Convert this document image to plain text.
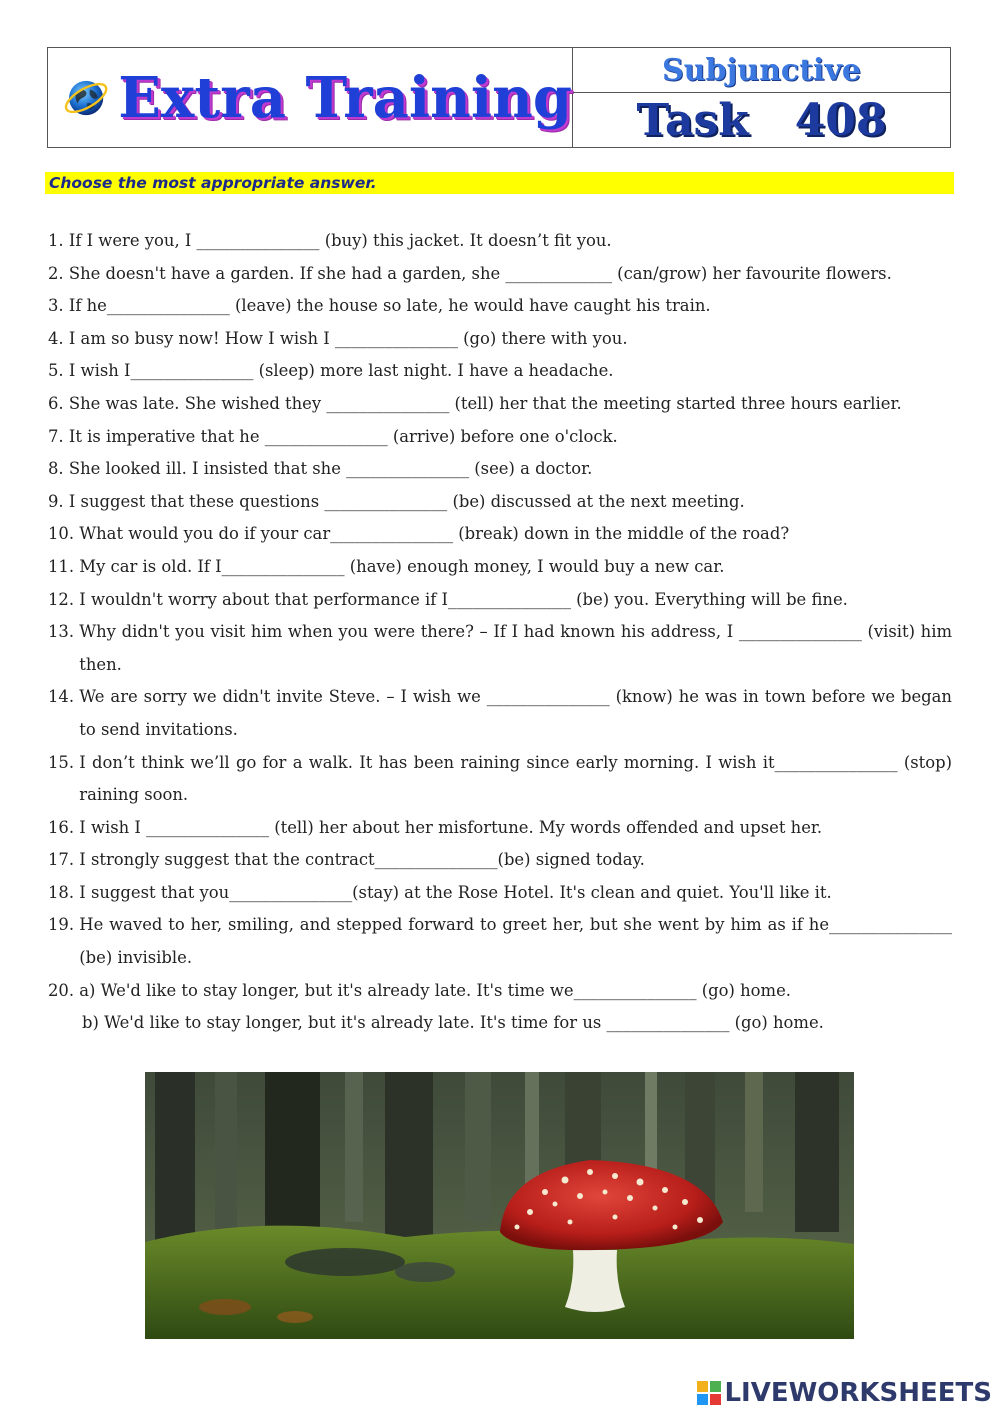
Extra Training	Subjunctive
Task   408
Choose the most appropriate answer.
1. If I were you, I _______________ (buy) this jacket. It doesn’t fit you.
2. She doesn't have a garden. If she had a garden, she _____________ (can/grow) her favourite flowers.
3. If he_______________ (leave) the house so late, he would have caught his train.
4. I am so busy now! How I wish I _______________ (go) there with you.
5. I wish I_______________ (sleep) more last night. I have a headache.
6. She was late. She wished they _______________ (tell) her that the meeting started three hours earlier.
7. It is imperative that he _______________ (arrive) before one o'clock.
8. She looked ill. I insisted that she _______________ (see) a doctor.
9. I suggest that these questions _______________ (be) discussed at the next meeting.
10. What would you do if your car_______________ (break) down in the middle of the road?
11. My car is old. If I_______________ (have) enough money, I would buy a new car.
12. I wouldn't worry about that performance if I_______________ (be) you. Everything will be fine.
13. Why didn't you visit him when you were there? – If I had known his address, I _______________ (visit) him then.
14. We are sorry we didn't invite Steve. – I wish we _______________ (know) he was in town before we began to send invitations.
15. I don’t think we’ll go for a walk. It has been raining since early morning. I wish it_______________ (stop) raining soon.
16. I wish I _______________ (tell) her about her misfortune. My words offended and upset her.
17. I strongly suggest that the contract_______________(be) signed today.
18. I suggest that you_______________(stay) at the Rose Hotel. It's clean and quiet. You'll like it.
19. He waved to her, smiling, and stepped forward to greet her, but she went by him as if he_______________ (be) invisible.
20. a) We'd like to stay longer, but it's already late. It's time we_______________ (go) home.
b) We'd like to stay longer, but it's already late. It's time for us _______________ (go) home.
LIVEWORKSHEETS
